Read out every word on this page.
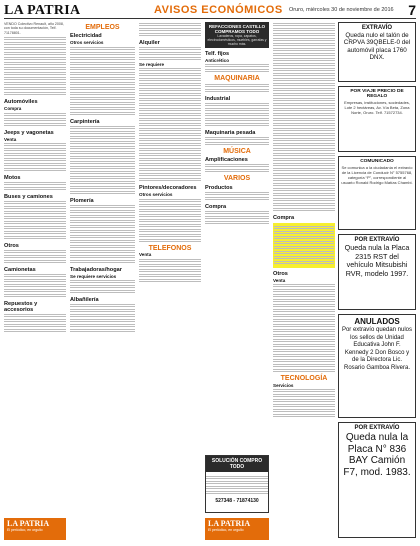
LA PATRIA	AVISOS ECONÓMICOS Oruro, miércoles 30 de noviembre de 2016 7

VENDO Colectivo Renault, año 2008, con toda su documentación, Telf. 71178801.

Automóviles
Compra
Jeeps y vagonetas
Venta
Motos
Buses y camiones
Otros
Camionetas
Repuestos y accesorios
LA PATRIA
El periódico, en orgullo
EMPLEOS
Electricidad
Otros servicios
Carpintería
Plomería
Trabajadoras/hogar
Se requiere servicios
Albañilería
Alquiler
Se requiere
Pintores/decoradores
Otros servicios
TELEFONOS
Venta
REFACCIONES CASTILLO COMPRAMOS TODO
Lavaderos, ropa, zapatos, electrodomésticos, muebles, garrafas y mucho más.
Telf. fijos
Anticrético
MAQUINARIA
Industrial
Maquinaria pesada
MÚSICA
Amplificaciones
VARIOS
Productos
Compra
SOLUCIÓN COMPRO TODO
527348 - 71874130
LA PATRIA
El periódico, en orgullo
Compra
Otros
Venta
TECNOLOGÍA
Servicios
EXTRAVÍO
Queda nulo el talón de CRPVA 39QBELE-0 del automóvil placa 1760 DNX.
POR VIAJE PRECIO DE REGALO
Empresas, instituciones, sociedades, Lote 2 hectáreas, Av. Vía Beta, Zona Norte, Oruro. Telf. 71572734.
COMUNICADO
Se comunica a la ciudadanía el extravío de la Licencia de Conducir N° 5755768, categoría “P”, correspondiente al usuario Ronald Rodrigo Matías Chambi.
POR EXTRAVÍO
Queda nula la Placa 2315 RST del vehículo Mitsubishi RVR, modelo 1997.
ANULADOS
Por extravío quedan nulos los sellos de Unidad Educativa John F. Kennedy 2 Don Bosco y de la Directora Lic. Rosario Gamboa Rivera.
POR EXTRAVÍO
Queda nula la Placa N° 836 BAY Camión F7, mod. 1983.
